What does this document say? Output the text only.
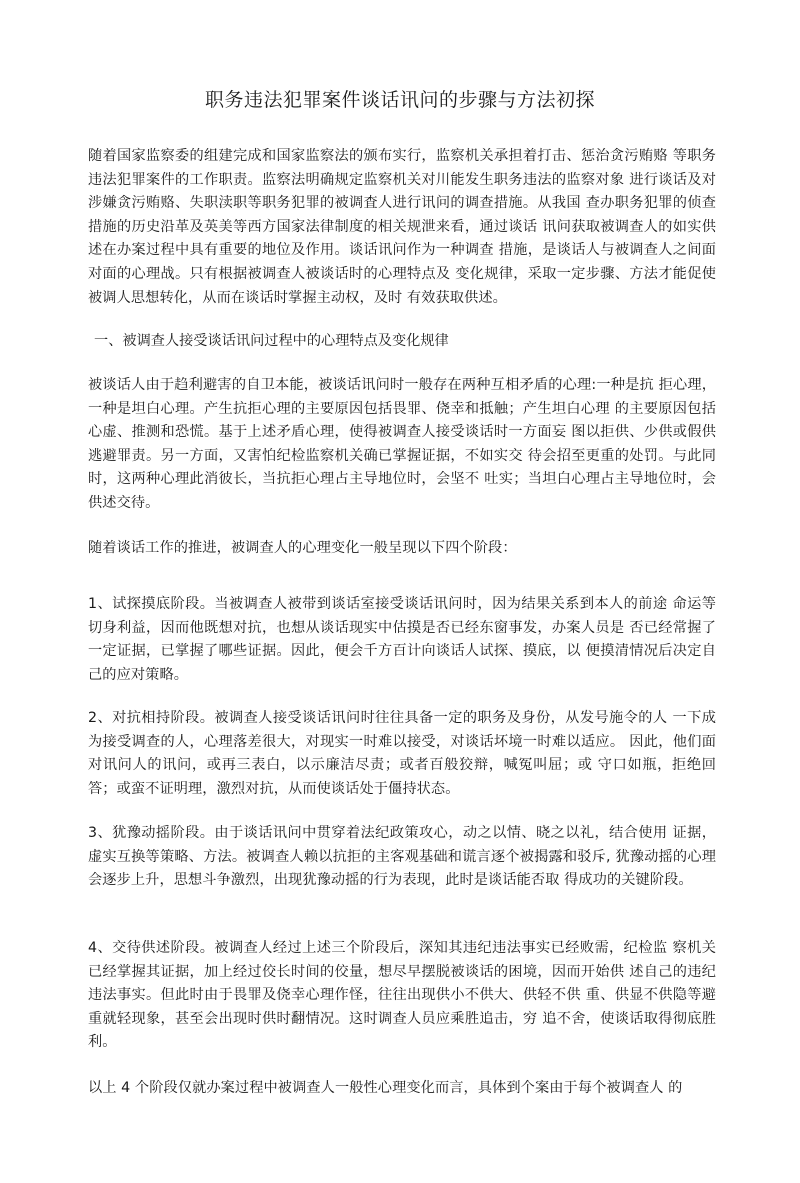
职务违法犯罪案件谈话讯问的步骤与方法初探

随着国家监察委的组建完成和国家监察法的颁布实行，监察机关承担着打击、惩治贪污贿赂 等职务违法犯罪案件的工作职责。监察法明确规定监察机关对川能发生职务违法的监察对象 进行谈话及对涉嫌贪污贿赂、失职渎职等职务犯罪的被调査人进行讯问的调查措施。从我国 查办职务犯罪的侦查措施的历史沿革及英美等西方国家法律制度的相关规泄来看，通过谈话 讯问获取被调查人的如实供述在办案过程中具有重要的地位及作用。谈话讯问作为一种调查 措施，是谈话人与被调查人之间面对面的心理战。只有根据被调查人被谈话时的心理特点及 变化规律，采取一定步骤、方法才能促使被调人思想转化，从而在谈话时掌握主动权，及时 有效获取供述。

一、被调查人接受谈话讯问过程中的心理特点及变化规律

被谈话人由于趋利避害的自卫本能，被谈话讯问时一般存在两种互相矛盾的心理:一种是抗 拒心理，一种是坦白心理。产生抗拒心理的主要原因包括畏罪、侥幸和抵触；产生坦白心理 的主要原因包括心虚、推测和恐慌。基于上述矛盾心理，使得被调查人接受谈话时一方面妄 图以拒供、少供或假供逃避罪责。另一方面，又害怕纪检监察机关确已掌握证据，不如实交 待会招至更重的处罚。与此同时，这两种心理此消彼长，当抗拒心理占主导地位时，会坚不 吐实；当坦白心理占主导地位时，会供述交待。

随着谈话工作的推进，被调查人的心理变化一般呈现以下四个阶段：

1、试探摸底阶段。当被调查人被带到谈话室接受谈话讯问时，因为结果关系到本人的前途 命运等切身利益，因而他既想对抗，也想从谈话现实中估摸是否已经东窗事发，办案人员是 否已经常握了一定证据，已掌握了哪些证据。因此，便会千方百计向谈话人试探、摸底，以 便摸清情况后决定自己的应对策略。

2、对抗相持阶段。被调查人接受谈话讯问时往往具备一定的职务及身份，从发号施令的人 一下成为接受调查的人，心理落差很大，对现实一时难以接受，对谈话坏境一时难以适应。 因此，他们面对讯问人的讯问，或再三表白，以示廉洁尽责；或者百般狡辩，喊冤叫屈；或 守口如瓶，拒绝回答；或蛮不证明理，激烈对抗，从而使谈话处于僵持状态。

3、犹豫动摇阶段。由于谈话讯问中贯穿着法纪政策攻心，动之以情、晓之以礼，结合使用 证据，虚实互换等策略、方法。被调查人赖以抗拒的主客观基础和谎言逐个被揭露和驳斥, 犹豫动摇的心理会逐步上升，思想斗争激烈，出现犹豫动摇的行为表现，此时是谈话能否取 得成功的关键阶段。

4、交待供述阶段。被调查人经过上述三个阶段后，深知其违纪违法事实已经败需，纪检监 察机关已经掌握其证据，加上经过佼长时间的佼量，想尽早摆脱被谈话的困境，因而开始供 述自己的违纪违法事实。但此时由于畏罪及侥幸心理作怪，往往出现供小不供大、供轻不供 重、供显不供隐等避重就轻现象，甚至会出现时供时翻情况。这时调查人员应乘胜追击，穷 追不舍，使谈话取得彻底胜利。

以上 4 个阶段仅就办案过程中被调查人一般性心理变化而言，具体到个案由于每个被调查人 的
